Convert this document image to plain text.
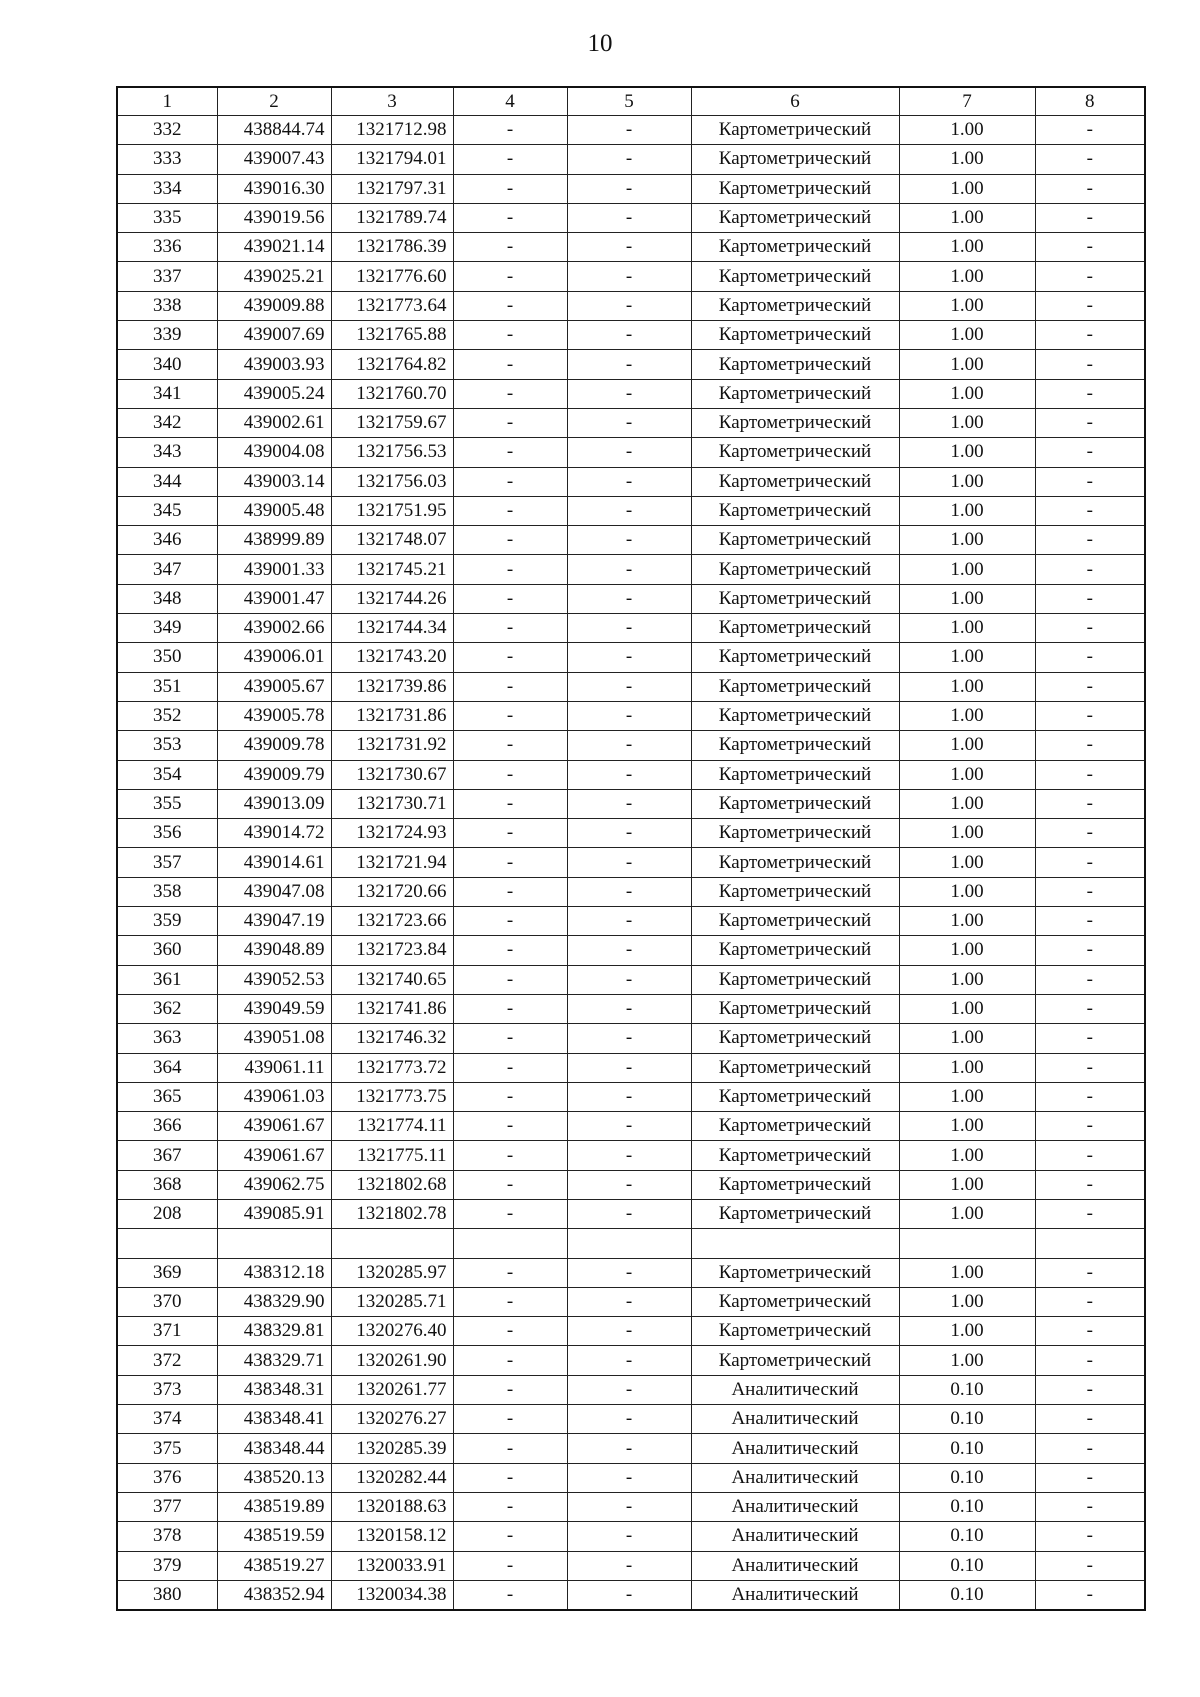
10
1	2	3	4	5	6	7	8
332	438844.74	1321712.98	-	-	Картометрический	1.00	-
333	439007.43	1321794.01	-	-	Картометрический	1.00	-
334	439016.30	1321797.31	-	-	Картометрический	1.00	-
335	439019.56	1321789.74	-	-	Картометрический	1.00	-
336	439021.14	1321786.39	-	-	Картометрический	1.00	-
337	439025.21	1321776.60	-	-	Картометрический	1.00	-
338	439009.88	1321773.64	-	-	Картометрический	1.00	-
339	439007.69	1321765.88	-	-	Картометрический	1.00	-
340	439003.93	1321764.82	-	-	Картометрический	1.00	-
341	439005.24	1321760.70	-	-	Картометрический	1.00	-
342	439002.61	1321759.67	-	-	Картометрический	1.00	-
343	439004.08	1321756.53	-	-	Картометрический	1.00	-
344	439003.14	1321756.03	-	-	Картометрический	1.00	-
345	439005.48	1321751.95	-	-	Картометрический	1.00	-
346	438999.89	1321748.07	-	-	Картометрический	1.00	-
347	439001.33	1321745.21	-	-	Картометрический	1.00	-
348	439001.47	1321744.26	-	-	Картометрический	1.00	-
349	439002.66	1321744.34	-	-	Картометрический	1.00	-
350	439006.01	1321743.20	-	-	Картометрический	1.00	-
351	439005.67	1321739.86	-	-	Картометрический	1.00	-
352	439005.78	1321731.86	-	-	Картометрический	1.00	-
353	439009.78	1321731.92	-	-	Картометрический	1.00	-
354	439009.79	1321730.67	-	-	Картометрический	1.00	-
355	439013.09	1321730.71	-	-	Картометрический	1.00	-
356	439014.72	1321724.93	-	-	Картометрический	1.00	-
357	439014.61	1321721.94	-	-	Картометрический	1.00	-
358	439047.08	1321720.66	-	-	Картометрический	1.00	-
359	439047.19	1321723.66	-	-	Картометрический	1.00	-
360	439048.89	1321723.84	-	-	Картометрический	1.00	-
361	439052.53	1321740.65	-	-	Картометрический	1.00	-
362	439049.59	1321741.86	-	-	Картометрический	1.00	-
363	439051.08	1321746.32	-	-	Картометрический	1.00	-
364	439061.11	1321773.72	-	-	Картометрический	1.00	-
365	439061.03	1321773.75	-	-	Картометрический	1.00	-
366	439061.67	1321774.11	-	-	Картометрический	1.00	-
367	439061.67	1321775.11	-	-	Картометрический	1.00	-
368	439062.75	1321802.68	-	-	Картометрический	1.00	-
208	439085.91	1321802.78	-	-	Картометрический	1.00	-

369	438312.18	1320285.97	-	-	Картометрический	1.00	-
370	438329.90	1320285.71	-	-	Картометрический	1.00	-
371	438329.81	1320276.40	-	-	Картометрический	1.00	-
372	438329.71	1320261.90	-	-	Картометрический	1.00	-
373	438348.31	1320261.77	-	-	Аналитический	0.10	-
374	438348.41	1320276.27	-	-	Аналитический	0.10	-
375	438348.44	1320285.39	-	-	Аналитический	0.10	-
376	438520.13	1320282.44	-	-	Аналитический	0.10	-
377	438519.89	1320188.63	-	-	Аналитический	0.10	-
378	438519.59	1320158.12	-	-	Аналитический	0.10	-
379	438519.27	1320033.91	-	-	Аналитический	0.10	-
380	438352.94	1320034.38	-	-	Аналитический	0.10	-
